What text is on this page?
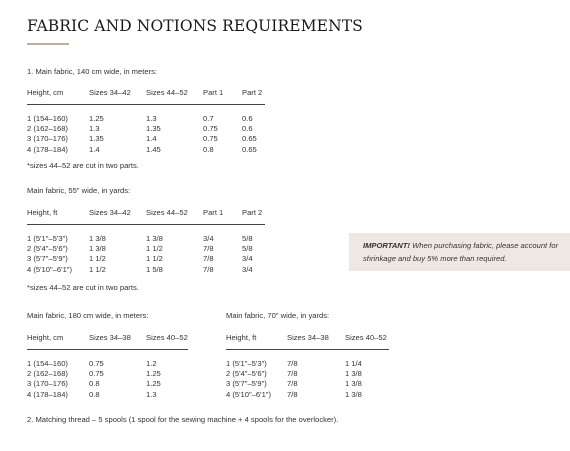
FABRIC AND NOTIONS REQUIREMENTS
1. Main fabric, 140 cm wide, in meters:
Height, cm	Sizes 34–42	Sizes 44–52	Part 1	Part 2

1 (154–160)	1.25	1.3	0.7	0.6
2 (162–168)	1.3	1.35	0.75	0.6
3 (170–176)	1.35	1.4	0.75	0.65
4 (178–184)	1.4	1.45	0.8	0.65
*sizes 44–52 are cut in two parts.
Main fabric, 55" wide, in yards:
Height, ft	Sizes 34–42	Sizes 44–52	Part 1	Part 2

1 (5'1"–5'3")	1 3/8	1 3/8	3/4	5/8
2 (5'4"–5'6")	1 3/8	1 1/2	7/8	5/8
3 (5'7"–5'9")	1 1/2	1 1/2	7/8	3/4
4 (5'10"–6'1")	1 1/2	1 5/8	7/8	3/4
*sizes 44–52 are cut in two parts.
IMPORTANT! When purchasing fabric, please account for shrinkage and buy 5% more than required.
Main fabric, 180 cm wide, in meters:
Height, cm	Sizes 34–38	Sizes 40–52

1 (154–160)	0.75	1.2
2 (162–168)	0.75	1.25
3 (170–176)	0.8	1.25
4 (178–184)	0.8	1.3
Main fabric, 70" wide, in yards:
Height, ft	Sizes 34–38	Sizes 40–52

1 (5'1"–5'3")	7/8	1 1/4
2 (5'4"–5'6")	7/8	1 3/8
3 (5'7"–5'9")	7/8	1 3/8
4 (5'10"–6'1")	7/8	1 3/8
2. Matching thread – 5 spools (1 spool for the sewing machine + 4 spools for the overlocker).
